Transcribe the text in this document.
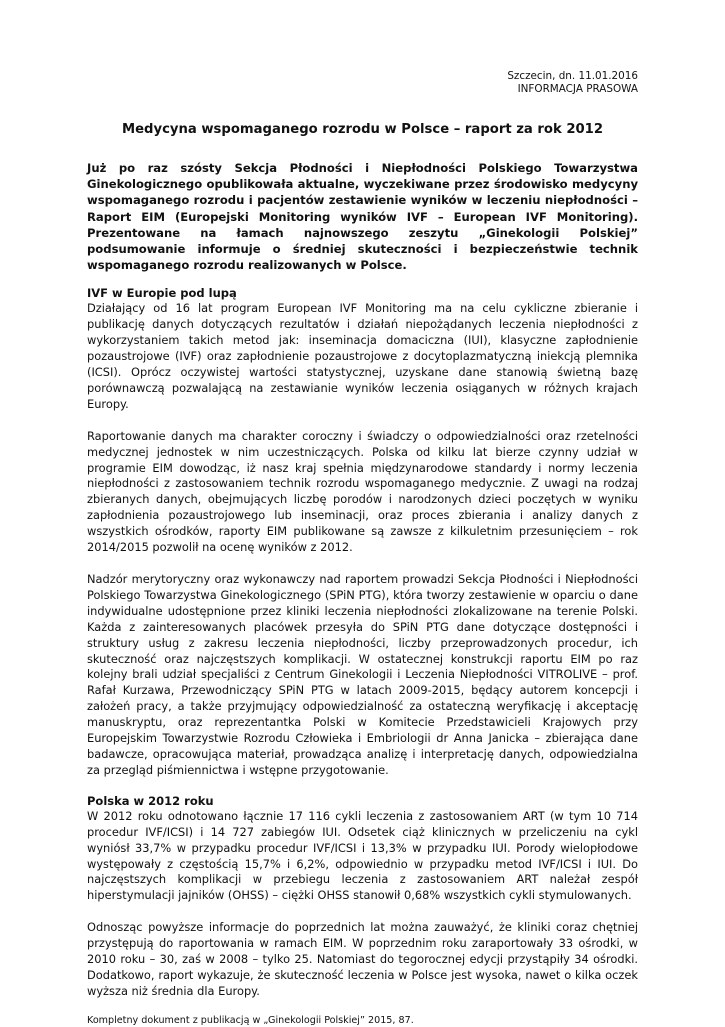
Szczecin, dn. 11.01.2016
INFORMACJA PRASOWA
Medycyna wspomaganego rozrodu w Polsce – raport za rok 2012

Już po raz szósty Sekcja Płodności i Niepłodności Polskiego Towarzystwa Ginekologicznego opublikowała aktualne, wyczekiwane przez środowisko medycyny wspomaganego rozrodu i pacjentów zestawienie wyników w leczeniu niepłodności – Raport EIM (Europejski Monitoring wyników IVF – European IVF Monitoring). Prezentowane na łamach najnowszego zeszytu „Ginekologii Polskiej” podsumowanie informuje o średniej skuteczności i bezpieczeństwie technik wspomaganego rozrodu realizowanych w Polsce.

IVF w Europie pod lupą

Działający od 16 lat program European IVF Monitoring ma na celu cykliczne zbieranie i publikację danych dotyczących rezultatów i działań niepożądanych leczenia niepłodności z wykorzystaniem takich metod jak: inseminacja domaciczna (IUI), klasyczne zapłodnienie pozaustrojowe (IVF) oraz zapłodnienie pozaustrojowe z docytoplazmatyczną iniekcją plemnika (ICSI). Oprócz oczywistej wartości statystycznej, uzyskane dane stanowią świetną bazę porównawczą pozwalającą na zestawianie wyników leczenia osiąganych w różnych krajach Europy.

Raportowanie danych ma charakter coroczny i świadczy o odpowiedzialności oraz rzetelności medycznej jednostek w nim uczestniczących. Polska od kilku lat bierze czynny udział w programie EIM dowodząc, iż nasz kraj spełnia międzynarodowe standardy i normy leczenia niepłodności z zastosowaniem technik rozrodu wspomaganego medycznie. Z uwagi na rodzaj zbieranych danych, obejmujących liczbę porodów i narodzonych dzieci poczętych w wyniku zapłodnienia pozaustrojowego lub inseminacji, oraz proces zbierania i analizy danych z wszystkich ośrodków, raporty EIM publikowane są zawsze z kilkuletnim przesunięciem – rok 2014/2015 pozwolił na ocenę wyników z 2012.

Nadzór merytoryczny oraz wykonawczy nad raportem prowadzi Sekcja Płodności i Niepłodności Polskiego Towarzystwa Ginekologicznego (SPiN PTG), która tworzy zestawienie w oparciu o dane indywidualne udostępnione przez kliniki leczenia niepłodności zlokalizowane na terenie Polski. Każda z zainteresowanych placówek przesyła do SPiN PTG dane dotyczące dostępności i struktury usług z zakresu leczenia niepłodności, liczby przeprowadzonych procedur, ich skuteczność oraz najczęstszych komplikacji. W ostatecznej konstrukcji raportu EIM po raz kolejny brali udział specjaliści z Centrum Ginekologii i Leczenia Niepłodności VITROLIVE – prof. Rafał Kurzawa, Przewodniczący SPiN PTG w latach 2009-2015, będący autorem koncepcji i założeń pracy, a także przyjmujący odpowiedzialność za ostateczną weryfikację i akceptację manuskryptu, oraz reprezentantka Polski w Komitecie Przedstawicieli Krajowych przy Europejskim Towarzystwie Rozrodu Człowieka i Embriologii dr Anna Janicka – zbierająca dane badawcze, opracowująca materiał, prowadząca analizę i interpretację danych, odpowiedzialna za przegląd piśmiennictwa i wstępne przygotowanie.

Polska w 2012 roku

W 2012 roku odnotowano łącznie 17 116 cykli leczenia z zastosowaniem ART (w tym 10 714 procedur IVF/ICSI) i 14 727 zabiegów IUI. Odsetek ciąż klinicznych w przeliczeniu na cykl wyniósł 33,7% w przypadku procedur IVF/ICSI i 13,3% w przypadku IUI. Porody wielopłodowe występowały z częstością 15,7% i 6,2%, odpowiednio w przypadku metod IVF/ICSI i IUI. Do najczęstszych komplikacji w przebiegu leczenia z zastosowaniem ART należał zespół hiperstymulacji jajników (OHSS) – ciężki OHSS stanowił 0,68% wszystkich cykli stymulowanych.

Odnosząc powyższe informacje do poprzednich lat można zauważyć, że kliniki coraz chętniej przystępują do raportowania w ramach EIM. W poprzednim roku zaraportowały 33 ośrodki, w 2010 roku – 30, zaś w 2008 – tylko 25. Natomiast do tegorocznej edycji przystąpiły 34 ośrodki. Dodatkowo, raport wykazuje, że skuteczność leczenia w Polsce jest wysoka, nawet o kilka oczek wyższa niż średnia dla Europy.

Kompletny dokument z publikacją w „Ginekologii Polskiej” 2015, 87.
